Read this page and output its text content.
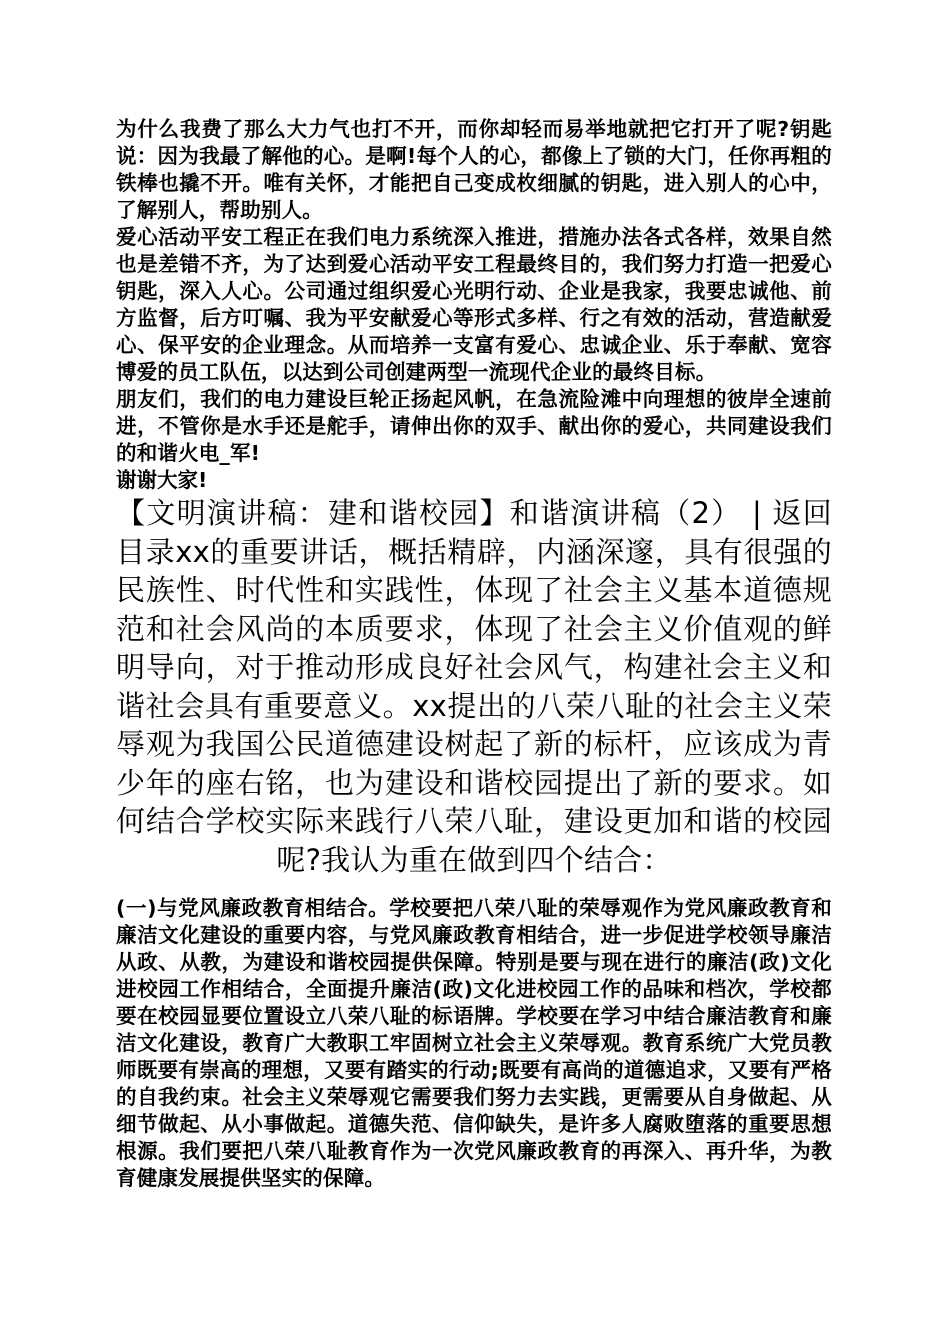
为什么我费了那么大力气也打不开，而你却轻而易举地就把它打开了呢?钥匙说：因为我最了解他的心。是啊!每个人的心，都像上了锁的大门，任你再粗的铁棒也撬不开。唯有关怀，才能把自己变成枚细腻的钥匙，进入别人的心中，了解别人，帮助别人。

爱心活动平安工程正在我们电力系统深入推进，措施办法各式各样，效果自然也是差错不齐，为了达到爱心活动平安工程最终目的，我们努力打造一把爱心钥匙，深入人心。公司通过组织爱心光明行动、企业是我家，我要忠诚他、前方监督，后方叮嘱、我为平安献爱心等形式多样、行之有效的活动，营造献爱心、保平安的企业理念。从而培养一支富有爱心、忠诚企业、乐于奉献、宽容博爱的员工队伍，以达到公司创建两型一流现代企业的最终目标。

朋友们，我们的电力建设巨轮正扬起风帆，在急流险滩中向理想的彼岸全速前进，不管你是水手还是舵手，请伸出你的双手、献出你的爱心，共同建设我们的和谐火电_军!

谢谢大家!

【文明演讲稿：建和谐校园】和谐演讲稿（2） | 返回目录xx的重要讲话，概括精辟，内涵深邃，具有很强的民族性、时代性和实践性，体现了社会主义基本道德规范和社会风尚的本质要求，体现了社会主义价值观的鲜明导向，对于推动形成良好社会风气，构建社会主义和谐社会具有重要意义。xx提出的八荣八耻的社会主义荣辱观为我国公民道德建设树起了新的标杆，应该成为青少年的座右铭，也为建设和谐校园提出了新的要求。如何结合学校实际来践行八荣八耻，建设更加和谐的校园呢?我认为重在做到四个结合：

(一)与党风廉政教育相结合。学校要把八荣八耻的荣辱观作为党风廉政教育和廉洁文化建设的重要内容，与党风廉政教育相结合，进一步促进学校领导廉洁从政、从教，为建设和谐校园提供保障。特别是要与现在进行的廉洁(政)文化进校园工作相结合，全面提升廉洁(政)文化进校园工作的品味和档次，学校都要在校园显要位置设立八荣八耻的标语牌。学校要在学习中结合廉洁教育和廉洁文化建设，教育广大教职工牢固树立社会主义荣辱观。教育系统广大党员教师既要有崇高的理想，又要有踏实的行动;既要有高尚的道德追求，又要有严格的自我约束。社会主义荣辱观它需要我们努力去实践，更需要从自身做起、从细节做起、从小事做起。道德失范、信仰缺失，是许多人腐败堕落的重要思想根源。我们要把八荣八耻教育作为一次党风廉政教育的再深入、再升华，为教育健康发展提供坚实的保障。
